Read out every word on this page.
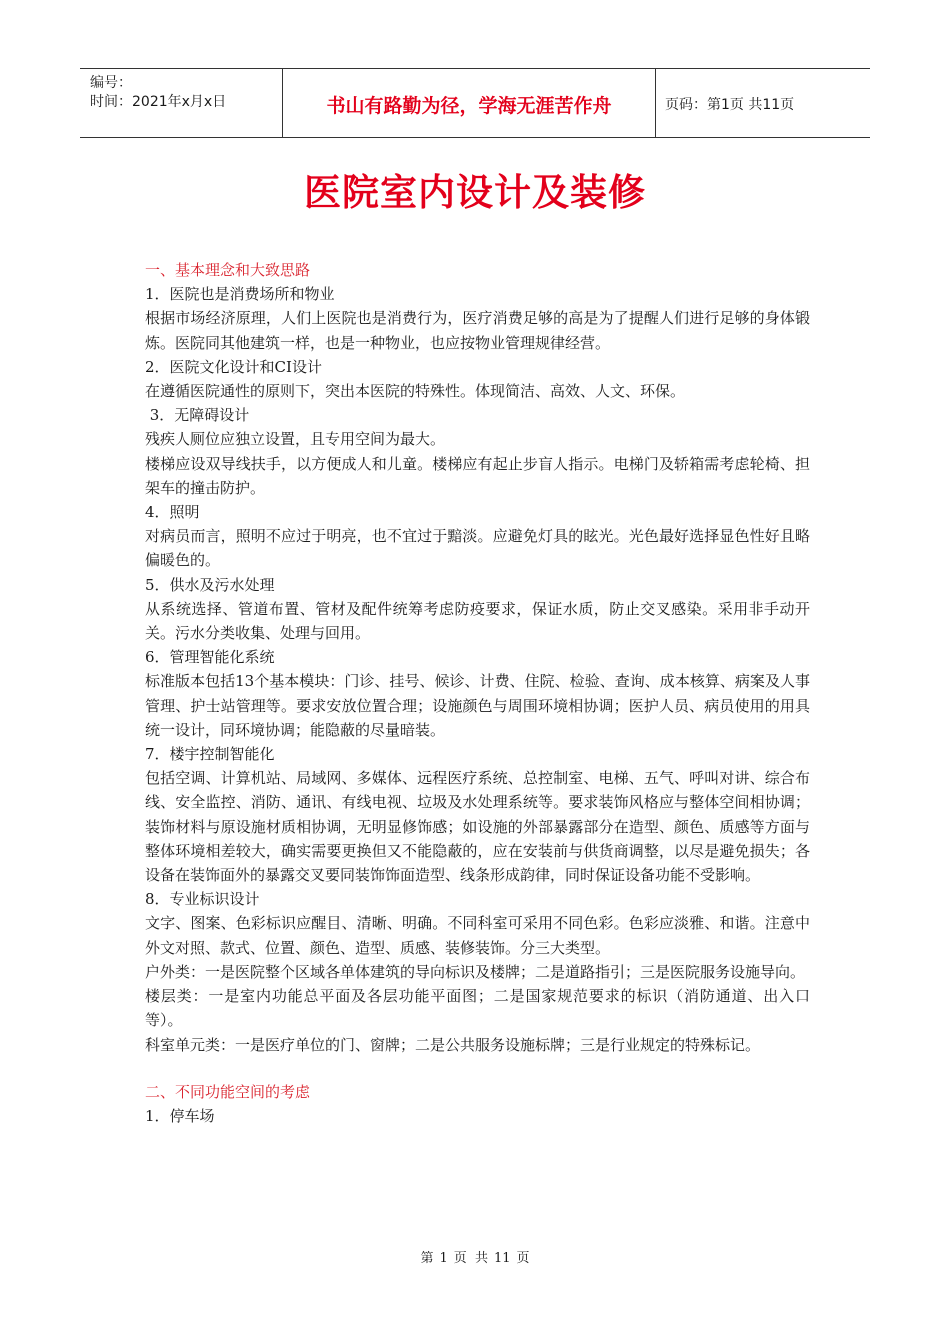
编号：
时间：2021年x月x日	书山有路勤为径，学海无涯苦作舟	页码：第1页 共11页
医院室内设计及装修

一、基本理念和大致思路

1．医院也是消费场所和物业

根据市场经济原理，人们上医院也是消费行为，医疗消费足够的高是为了提醒人们进行足够的身体锻炼。医院同其他建筑一样，也是一种物业，也应按物业管理规律经营。

2．医院文化设计和CI设计

在遵循医院通性的原则下，突出本医院的特殊性。体现简洁、高效、人文、环保。

3．无障碍设计

残疾人厕位应独立设置，且专用空间为最大。

楼梯应设双导线扶手，以方便成人和儿童。楼梯应有起止步盲人指示。电梯门及轿箱需考虑轮椅、担架车的撞击防护。

4．照明

对病员而言，照明不应过于明亮，也不宜过于黯淡。应避免灯具的眩光。光色最好选择显色性好且略偏暖色的。

5．供水及污水处理

从系统选择、管道布置、管材及配件统筹考虑防疫要求，保证水质，防止交叉感染。采用非手动开关。污水分类收集、处理与回用。

6．管理智能化系统

标准版本包括13个基本模块：门诊、挂号、候诊、计费、住院、检验、查询、成本核算、病案及人事管理、护士站管理等。要求安放位置合理；设施颜色与周围环境相协调；医护人员、病员使用的用具统一设计，同环境协调；能隐蔽的尽量暗装。

7．楼宇控制智能化

包括空调、计算机站、局域网、多媒体、远程医疗系统、总控制室、电梯、五气、呼叫对讲、综合布线、安全监控、消防、通讯、有线电视、垃圾及水处理系统等。要求装饰风格应与整体空间相协调；装饰材料与原设施材质相协调，无明显修饰感；如设施的外部暴露部分在造型、颜色、质感等方面与整体环境相差较大，确实需要更换但又不能隐蔽的，应在安装前与供货商调整，以尽是避免损失；各设备在装饰面外的暴露交叉要同装饰饰面造型、线条形成韵律，同时保证设备功能不受影响。

8．专业标识设计

文字、图案、色彩标识应醒目、清晰、明确。不同科室可采用不同色彩。色彩应淡雅、和谐。注意中外文对照、款式、位置、颜色、造型、质感、装修装饰。分三大类型。

户外类：一是医院整个区域各单体建筑的导向标识及楼牌；二是道路指引；三是医院服务设施导向。

楼层类：一是室内功能总平面及各层功能平面图；二是国家规范要求的标识（消防通道、出入口等）。

科室单元类：一是医疗单位的门、窗牌；二是公共服务设施标牌；三是行业规定的特殊标记。

二、不同功能空间的考虑

1．停车场

第 1 页  共 11 页
